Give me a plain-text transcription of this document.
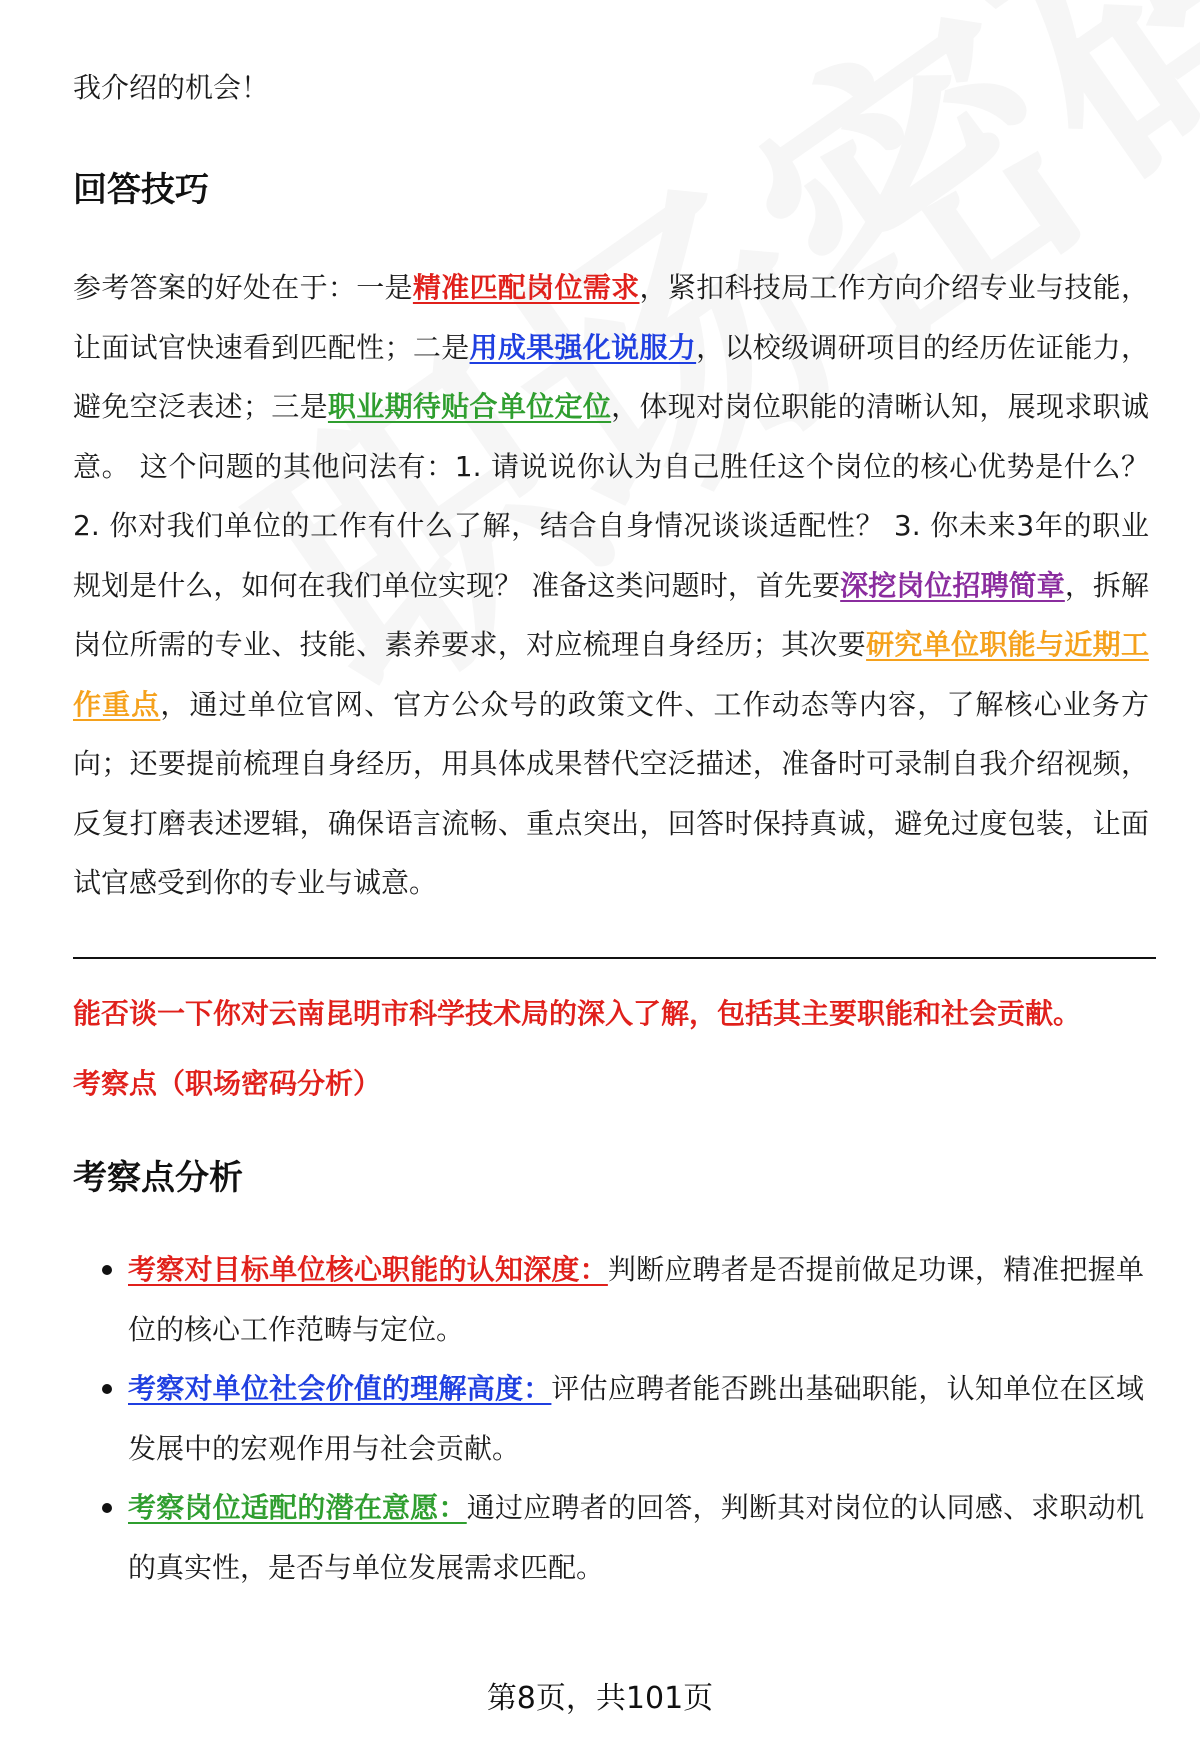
我介绍的机会！

回答技巧

参考答案的好处在于：一是精准匹配岗位需求，紧扣科技局工作方向介绍专业与技能，让面试官快速看到匹配性；二是用成果强化说服力，以校级调研项目的经历佐证能力，避免空泛表述；三是职业期待贴合单位定位，体现对岗位职能的清晰认知，展现求职诚意。 这个问题的其他问法有：1. 请说说你认为自己胜任这个岗位的核心优势是什么？ 2. 你对我们单位的工作有什么了解，结合自身情况谈谈适配性？ 3. 你未来3年的职业规划是什么，如何在我们单位实现？ 准备这类问题时，首先要深挖岗位招聘简章，拆解岗位所需的专业、技能、素养要求，对应梳理自身经历；其次要研究单位职能与近期工作重点，通过单位官网、官方公众号的政策文件、工作动态等内容，了解核心业务方向；还要提前梳理自身经历，用具体成果替代空泛描述，准备时可录制自我介绍视频，反复打磨表述逻辑，确保语言流畅、重点突出，回答时保持真诚，避免过度包装，让面试官感受到你的专业与诚意。

能否谈一下你对云南昆明市科学技术局的深入了解，包括其主要职能和社会贡献。

考察点（职场密码分析）

考察点分析
考察对目标单位核心职能的认知深度：判断应聘者是否提前做足功课，精准把握单位的核心工作范畴与定位。
考察对单位社会价值的理解高度：评估应聘者能否跳出基础职能，认知单位在区域发展中的宏观作用与社会贡献。
考察岗位适配的潜在意愿：通过应聘者的回答，判断其对岗位的认同感、求职动机的真实性，是否与单位发展需求匹配。
第8页，共101页
